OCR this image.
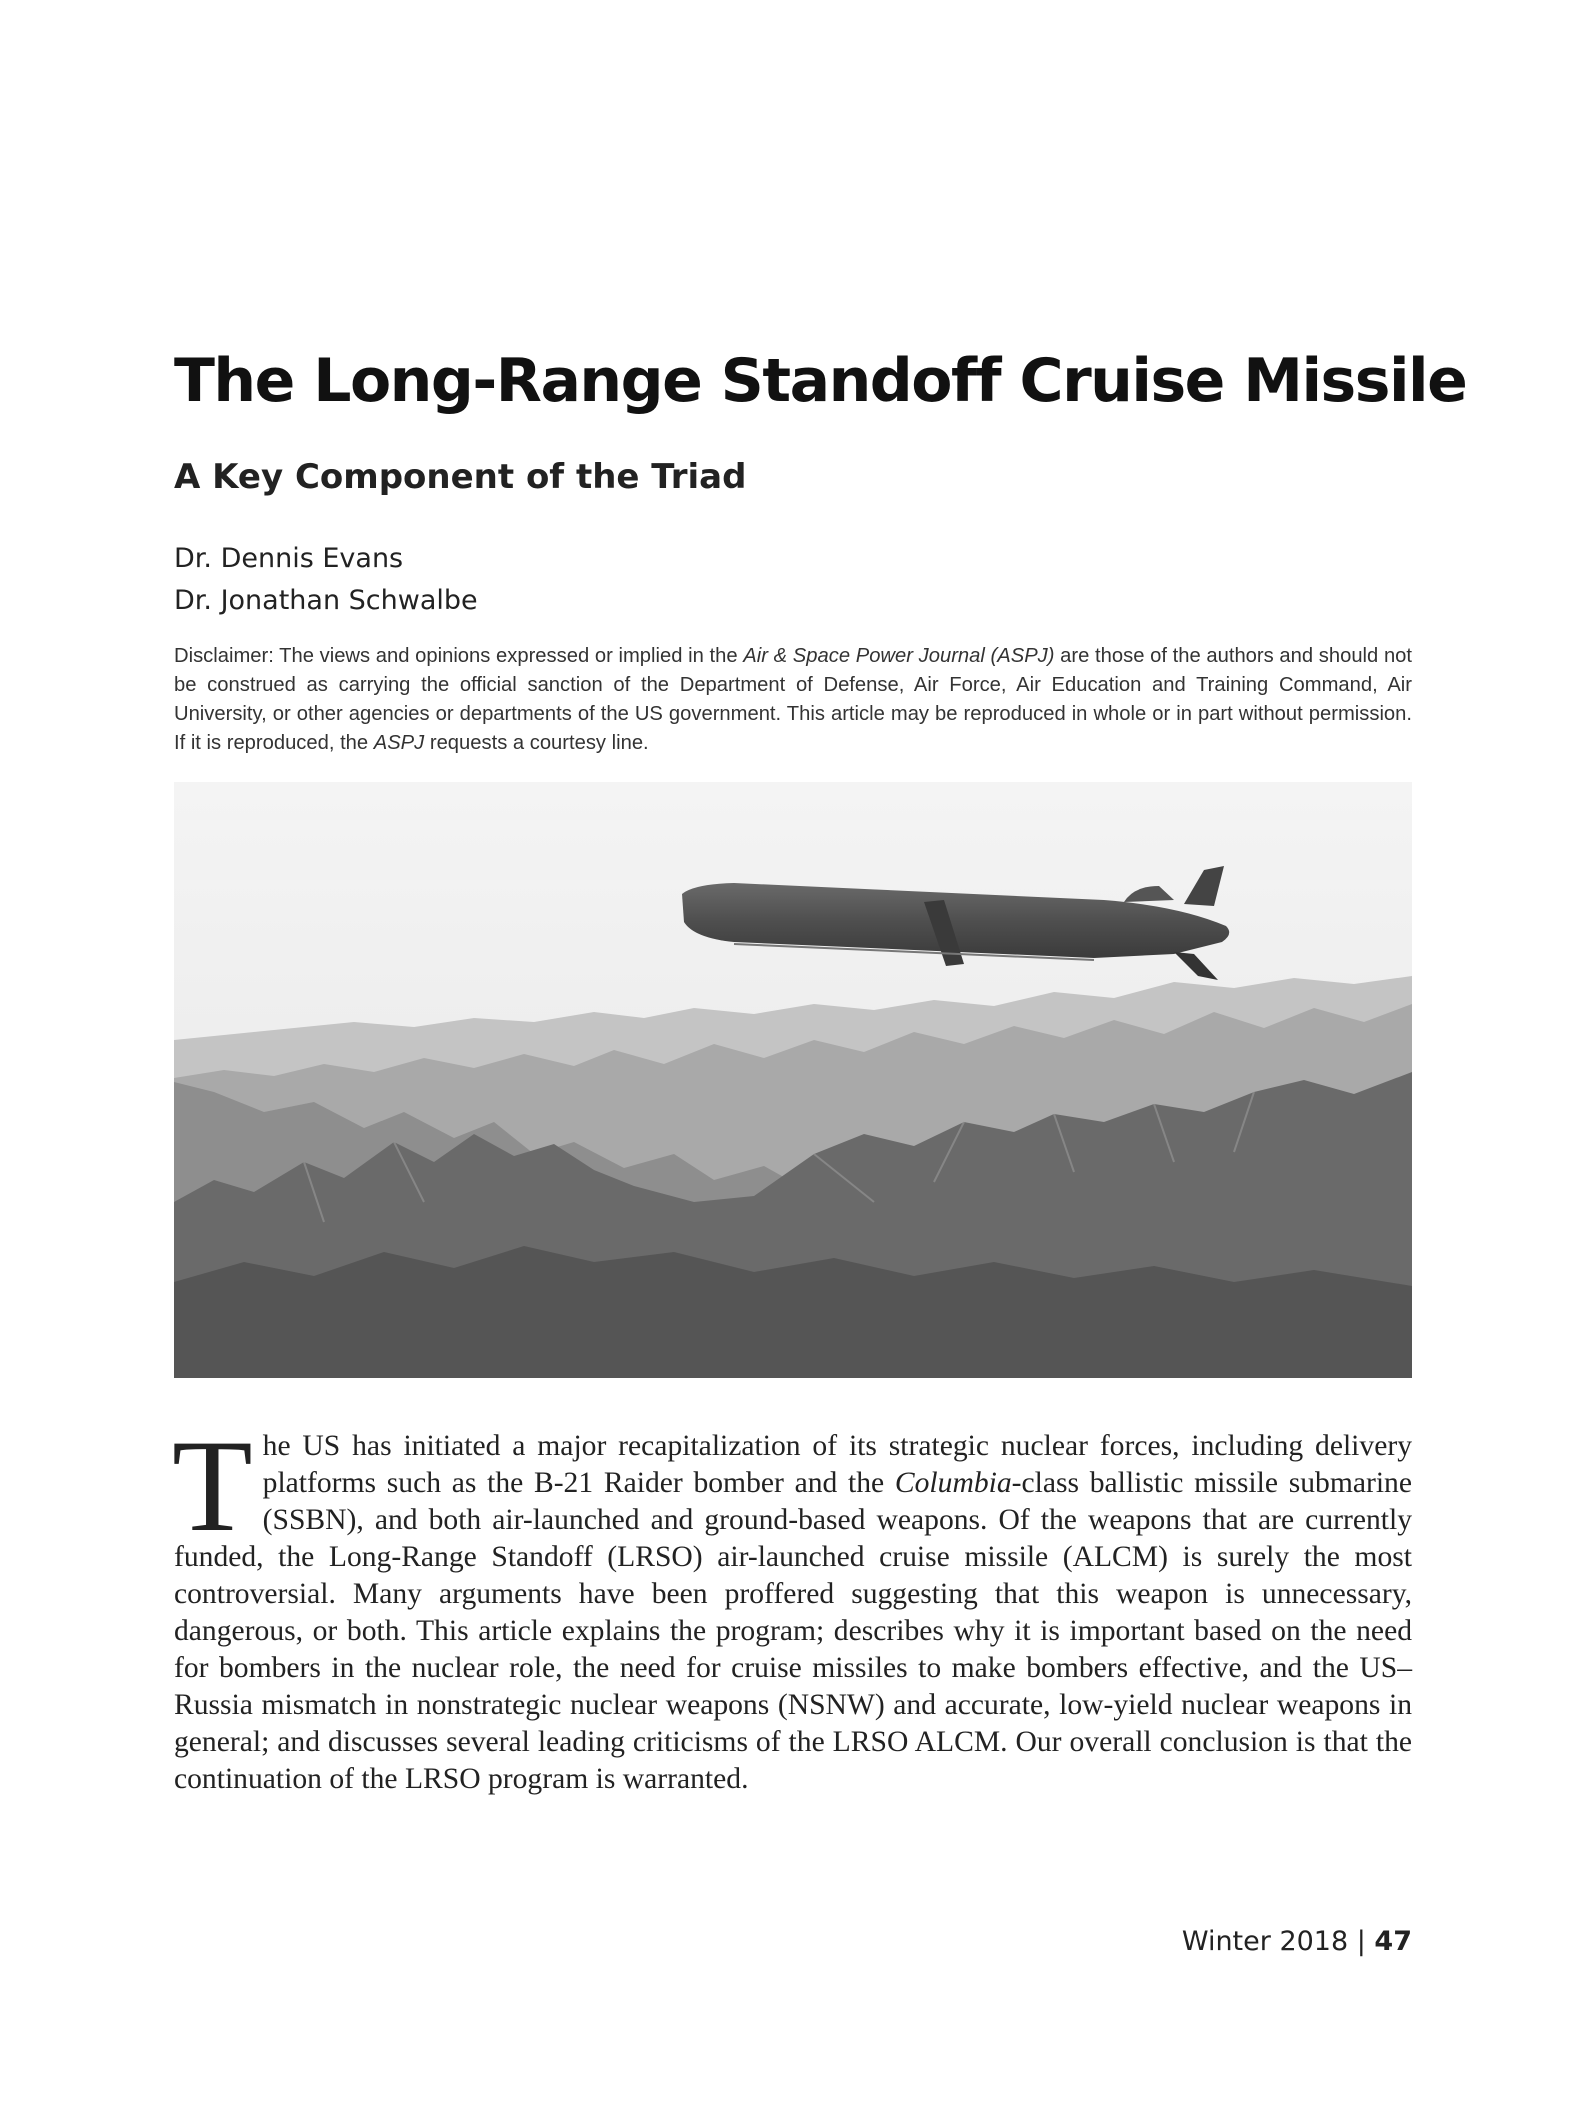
The Long-Range Standoff Cruise Missile
A Key Component of the Triad
Dr. Dennis Evans
Dr. Jonathan Schwalbe
Disclaimer: The views and opinions expressed or implied in the Air & Space Power Journal (ASPJ) are those of the authors and should not be construed as carrying the official sanction of the Department of Defense, Air Force, Air Education and Training Command, Air University, or other agencies or departments of the US government. This article may be reproduced in whole or in part without permission. If it is reproduced, the ASPJ requests a courtesy line.

The US has initiated a major recapitalization of its strategic nuclear forces, including delivery platforms such as the B-21 Raider bomber and the Columbia-class ballistic missile submarine (SSBN), and both air-launched and ground-based weapons. Of the weapons that are currently funded, the Long-Range Standoff (LRSO) air-launched cruise missile (ALCM) is surely the most controversial. Many arguments have been proffered suggesting that this weapon is unnecessary, dangerous, or both. This article explains the program; describes why it is important based on the need for bombers in the nuclear role, the need for cruise missiles to make bombers effective, and the US–Russia mismatch in nonstrategic nuclear weapons (NSNW) and accurate, low-yield nuclear weapons in general; and discusses several leading criticisms of the LRSO ALCM. Our overall conclusion is that the continuation of the LRSO program is warranted.

Winter 2018 | 47
